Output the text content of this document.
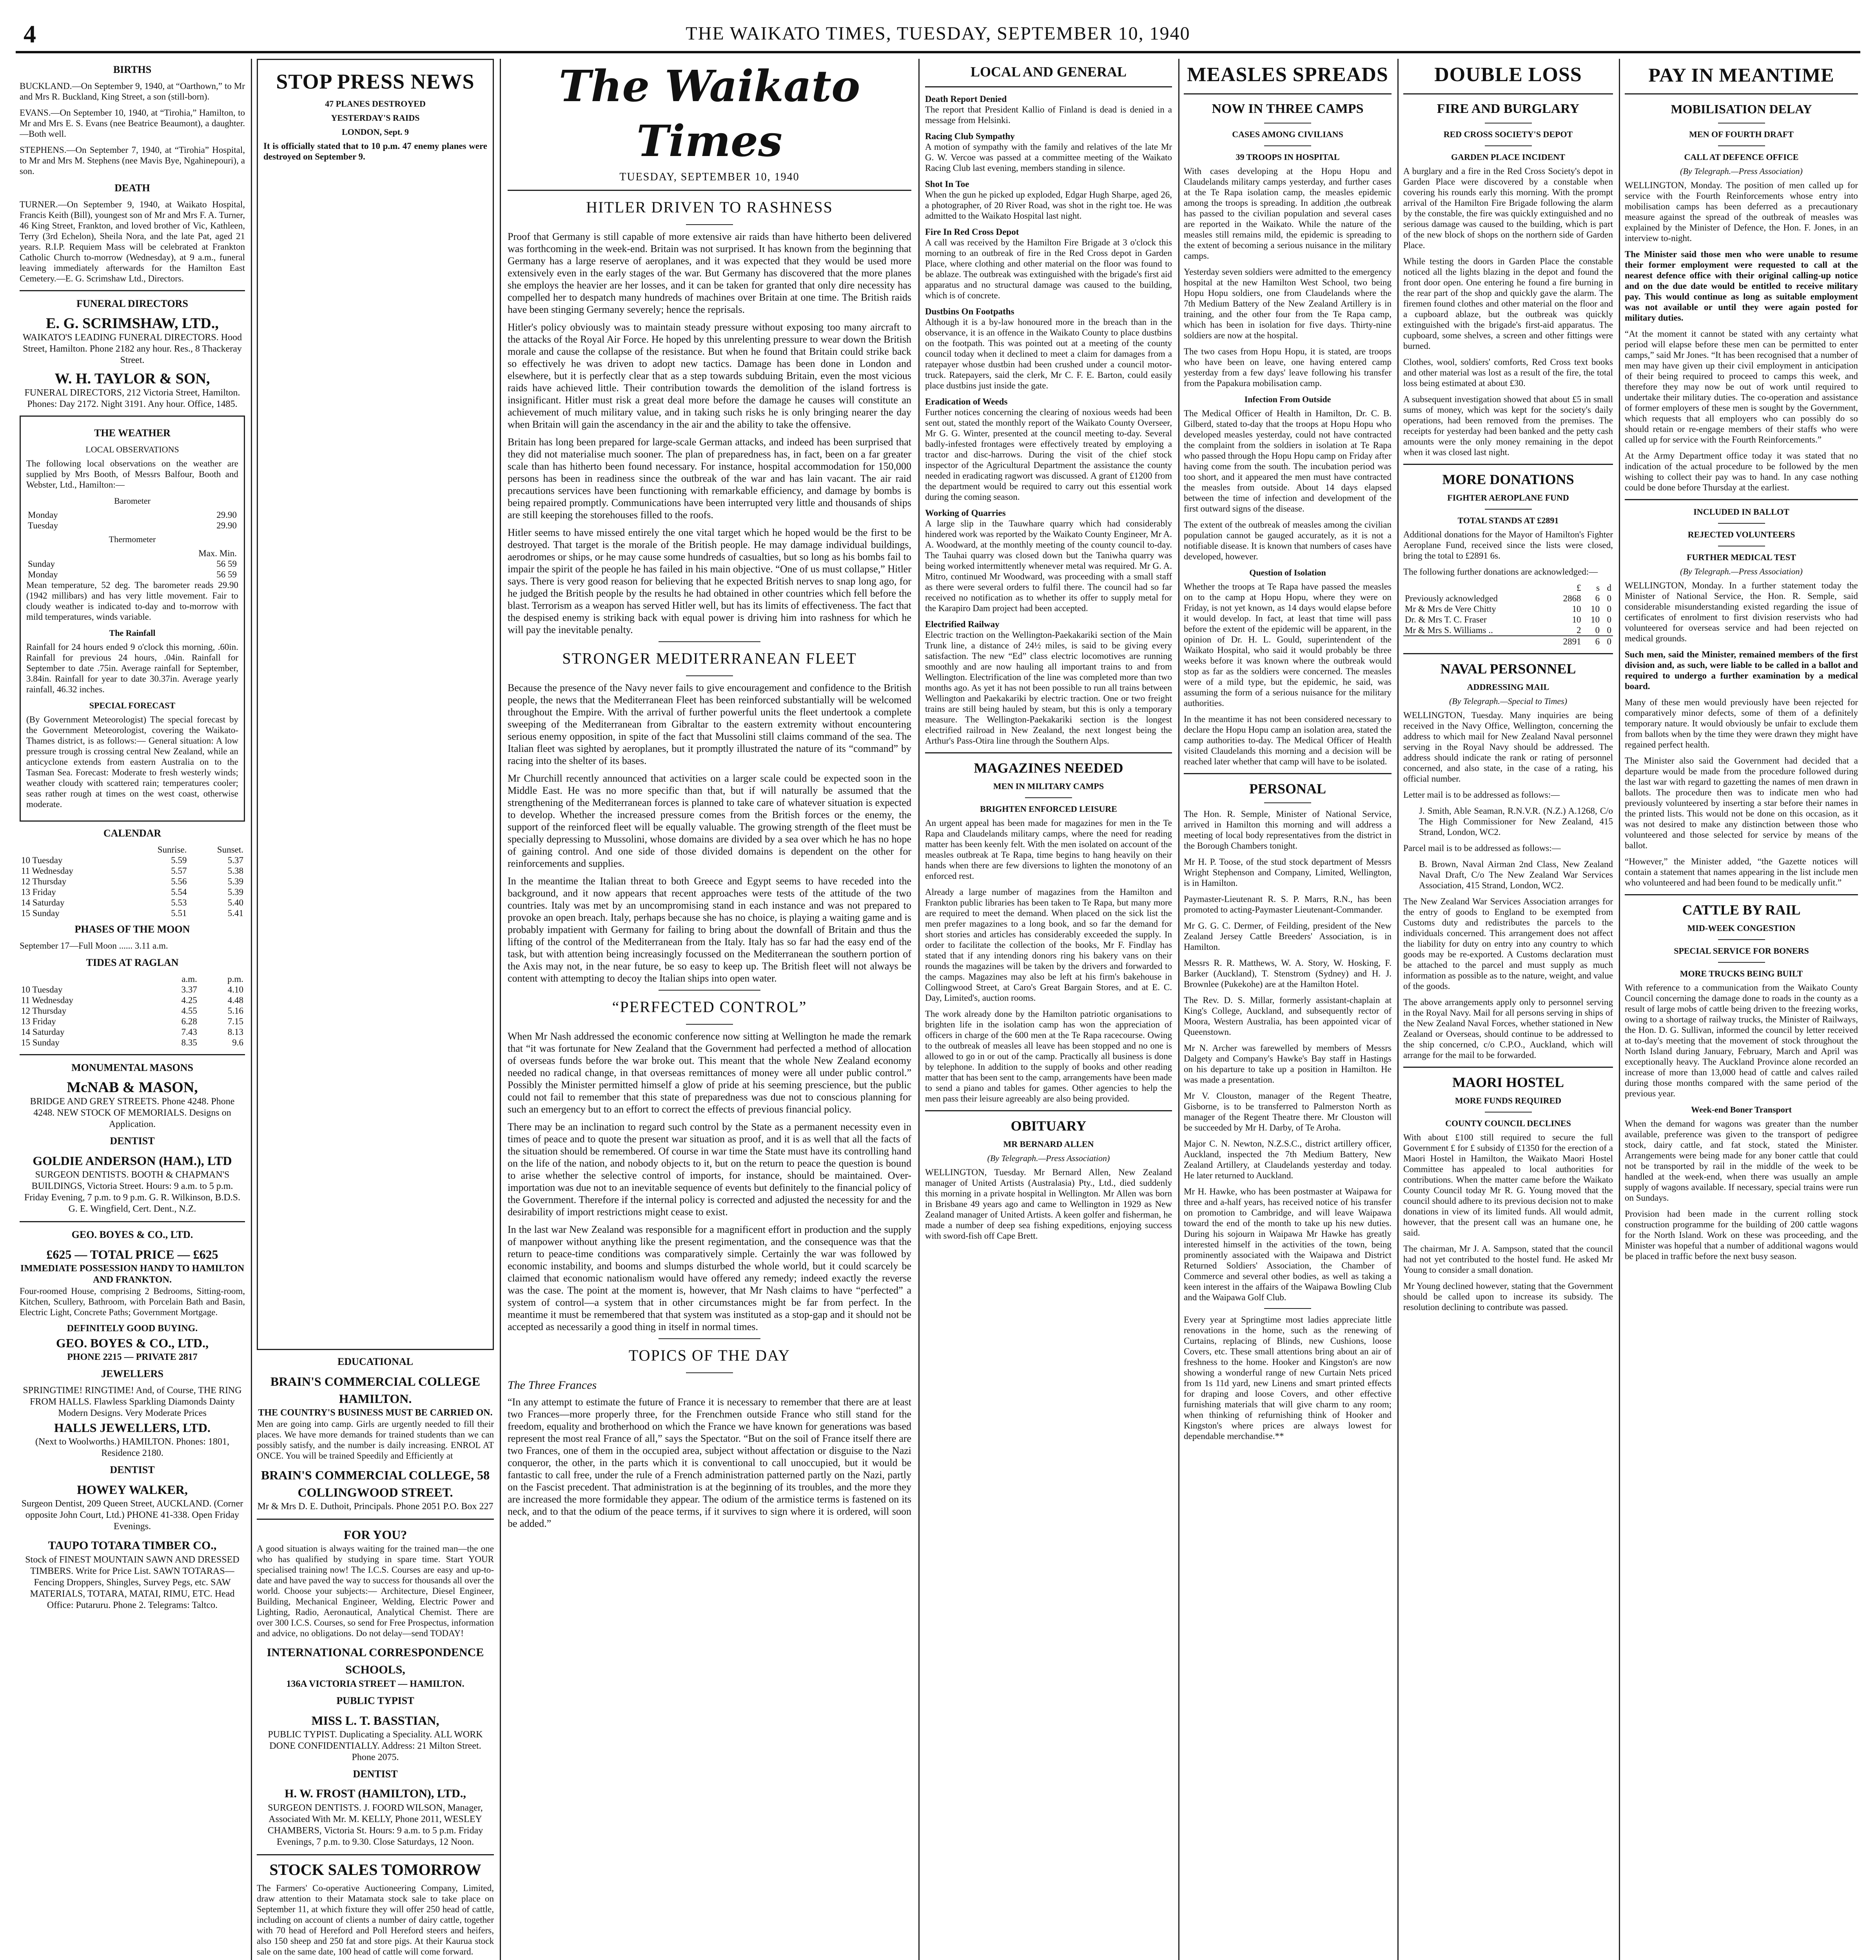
4	THE WAIKATO TIMES, TUESDAY, SEPTEMBER 10, 1940
BIRTHS

BUCKLAND.—On September 9, 1940, at “Oarthown,” to Mr and Mrs R. Buckland, King Street, a son (still-born).

EVANS.—On September 10, 1940, at “Tirohia,” Hamilton, to Mr and Mrs E. S. Evans (nee Beatrice Beaumont), a daughter.—Both well.

STEPHENS.—On September 7, 1940, at “Tirohia” Hospital, to Mr and Mrs M. Stephens (nee Mavis Bye, Ngahinepouri), a son.

DEATH

TURNER.—On September 9, 1940, at Waikato Hospital, Francis Keith (Bill), youngest son of Mr and Mrs F. A. Turner, 46 King Street, Frankton, and loved brother of Vic, Kathleen, Terry (3rd Echelon), Sheila Nora, and the late Pat, aged 21 years. R.I.P. Requiem Mass will be celebrated at Frankton Catholic Church to-morrow (Wednesday), at 9 a.m., funeral leaving immediately afterwards for the Hamilton East Cemetery.—E. G. Scrimshaw Ltd., Directors.

FUNERAL DIRECTORS
E. G. SCRIMSHAW, LTD.,
WAIKATO'S LEADING FUNERAL DIRECTORS. Hood Street, Hamilton. Phone 2182 any hour. Res., 8 Thackeray Street.
W. H. TAYLOR & SON,
FUNERAL DIRECTORS, 212 Victoria Street, Hamilton. Phones: Day 2172. Night 3191. Any hour. Office, 1485.
THE WEATHER
LOCAL OBSERVATIONS

The following local observations on the weather are supplied by Mrs Booth, of Messrs Balfour, Booth and Webster, Ltd., Hamilton:—

Barometer
Monday	29.90
Tuesday	29.90
Thermometer
	Max. Min.
Sunday	56 59
Monday	56 59

Mean temperature, 52 deg. The barometer reads 29.90 (1942 millibars) and has very little movement. Fair to cloudy weather is indicated to-day and to-morrow with mild temperatures, winds variable.

The Rainfall

Rainfall for 24 hours ended 9 o'clock this morning, .60in. Rainfall for previous 24 hours, .04in. Rainfall for September to date .75in. Average rainfall for September, 3.84in. Rainfall for year to date 30.37in. Average yearly rainfall, 46.32 inches.

SPECIAL FORECAST

(By Government Meteorologist) The special forecast by the Government Meteorologist, covering the Waikato-Thames district, is as follows:— General situation: A low pressure trough is crossing central New Zealand, while an anticyclone extends from eastern Australia on to the Tasman Sea. Forecast: Moderate to fresh westerly winds; weather cloudy with scattered rain; temperatures cooler; seas rather rough at times on the west coast, otherwise moderate.

CALENDAR
	Sunrise.	Sunset.
10 Tuesday	5.59	5.37
11 Wednesday	5.57	5.38
12 Thursday	5.56	5.39
13 Friday	5.54	5.39
14 Saturday	5.53	5.40
15 Sunday	5.51	5.41
PHASES OF THE MOON

September 17—Full Moon ...... 3.11 a.m.

TIDES AT RAGLAN
	a.m.	p.m.
10 Tuesday	3.37	4.10
11 Wednesday	4.25	4.48
12 Thursday	4.55	5.16
13 Friday	6.28	7.15
14 Saturday	7.43	8.13
15 Sunday	8.35	9.6
MONUMENTAL MASONS
McNAB & MASON,
BRIDGE AND GREY STREETS. Phone 4248. Phone 4248. NEW STOCK OF MEMORIALS. Designs on Application.
DENTIST
GOLDIE ANDERSON (HAM.), LTD
SURGEON DENTISTS. BOOTH & CHAPMAN'S BUILDINGS, Victoria Street. Hours: 9 a.m. to 5 p.m. Friday Evening, 7 p.m. to 9 p.m. G. R. Wilkinson, B.D.S. G. E. Wingfield, Cert. Dent., N.Z.
GEO. BOYES & CO., LTD.
£625 — TOTAL PRICE — £625
IMMEDIATE POSSESSION HANDY TO HAMILTON AND FRANKTON.

Four-roomed House, comprising 2 Bedrooms, Sitting-room, Kitchen, Scullery, Bathroom, with Porcelain Bath and Basin, Electric Light, Concrete Paths; Government Mortgage.

DEFINITELY GOOD BUYING.
GEO. BOYES & CO., LTD.,
PHONE 2215 — PRIVATE 2817
JEWELLERS
SPRINGTIME! RINGTIME! And, of Course, THE RING FROM HALLS. Flawless Sparkling Diamonds Dainty Modern Designs. Very Moderate Prices
HALLS JEWELLERS, LTD.
(Next to Woolworths.) HAMILTON. Phones: 1801, Residence 2180.
DENTIST
HOWEY WALKER,
Surgeon Dentist, 209 Queen Street, AUCKLAND. (Corner opposite John Court, Ltd.) PHONE 41-338. Open Friday Evenings.
TAUPO TOTARA TIMBER CO.,
Stock of FINEST MOUNTAIN SAWN AND DRESSED TIMBERS. Write for Price List. SAWN TOTARAS—Fencing Droppers, Shingles, Survey Pegs, etc. SAW MATERIALS, TOTARA, MATAI, RIMU, ETC. Head Office: Putaruru. Phone 2. Telegrams: Taltco.
STOP PRESS NEWS
47 PLANES DESTROYED
YESTERDAY'S RAIDS
LONDON, Sept. 9

It is officially stated that to 10 p.m. 47 enemy planes were destroyed on September 9.

EDUCATIONAL
BRAIN'S COMMERCIAL COLLEGE HAMILTON.
THE COUNTRY'S BUSINESS MUST BE CARRIED ON.

Men are going into camp. Girls are urgently needed to fill their places. We have more demands for trained students than we can possibly satisfy, and the number is daily increasing. ENROL AT ONCE. You will be trained Speedily and Efficiently at

BRAIN'S COMMERCIAL COLLEGE, 58 COLLINGWOOD STREET.
Mr & Mrs D. E. Duthoit, Principals. Phone 2051 P.O. Box 227
FOR YOU?

A good situation is always waiting for the trained man—the one who has qualified by studying in spare time. Start YOUR specialised training now! The I.C.S. Courses are easy and up-to-date and have paved the way to success for thousands all over the world. Choose your subjects:— Architecture, Diesel Engineer, Building, Mechanical Engineer, Welding, Electric Power and Lighting, Radio, Aeronautical, Analytical Chemist. There are over 300 I.C.S. Courses, so send for Free Prospectus, information and advice, no obligations. Do not delay—send TODAY!

INTERNATIONAL CORRESPONDENCE SCHOOLS,
136A VICTORIA STREET — HAMILTON.
PUBLIC TYPIST
MISS L. T. BASSTIAN,
PUBLIC TYPIST. Duplicating a Speciality. ALL WORK DONE CONFIDENTIALLY. Address: 21 Milton Street. Phone 2075.
DENTIST
H. W. FROST (HAMILTON), LTD.,
SURGEON DENTISTS. J. FOORD WILSON, Manager, Associated With Mr. M. KELLY, Phone 2011, WESLEY CHAMBERS, Victoria St. Hours: 9 a.m. to 5 p.m. Friday Evenings, 7 p.m. to 9.30. Close Saturdays, 12 Noon.
STOCK SALES TOMORROW

The Farmers' Co-operative Auctioneering Company, Limited, draw attention to their Matamata stock sale to take place on September 11, at which fixture they will offer 250 head of cattle, including on account of clients a number of dairy cattle, together with 70 head of Hereford and Poll Hereford steers and heifers, also 150 sheep and 250 fat and store pigs. At their Kaurua stock sale on the same date, 100 head of cattle will come forward.

The Waikato Times
TUESDAY, SEPTEMBER 10, 1940
HITLER DRIVEN TO RASHNESS

Proof that Germany is still capable of more extensive air raids than have hitherto been delivered was forthcoming in the week-end. Britain was not surprised. It has known from the beginning that Germany has a large reserve of aeroplanes, and it was expected that they would be used more extensively even in the early stages of the war. But Germany has discovered that the more planes she employs the heavier are her losses, and it can be taken for granted that only dire necessity has compelled her to despatch many hundreds of machines over Britain at one time. The British raids have been stinging Germany severely; hence the reprisals.

Hitler's policy obviously was to maintain steady pressure without exposing too many aircraft to the attacks of the Royal Air Force. He hoped by this unrelenting pressure to wear down the British morale and cause the collapse of the resistance. But when he found that Britain could strike back so effectively he was driven to adopt new tactics. Damage has been done in London and elsewhere, but it is perfectly clear that as a step towards subduing Britain, even the most vicious raids have achieved little. Their contribution towards the demolition of the island fortress is insignificant. Hitler must risk a great deal more before the damage he causes will constitute an achievement of much military value, and in taking such risks he is only bringing nearer the day when Britain will gain the ascendancy in the air and the ability to take the offensive.

Britain has long been prepared for large-scale German attacks, and indeed has been surprised that they did not materialise much sooner. The plan of preparedness has, in fact, been on a far greater scale than has hitherto been found necessary. For instance, hospital accommodation for 150,000 persons has been in readiness since the outbreak of the war and has lain vacant. The air raid precautions services have been functioning with remarkable efficiency, and damage by bombs is being repaired promptly. Communications have been interrupted very little and thousands of ships are still keeping the storehouses filled to the roofs.

Hitler seems to have missed entirely the one vital target which he hoped would be the first to be destroyed. That target is the morale of the British people. He may damage individual buildings, aerodromes or ships, or he may cause some hundreds of casualties, but so long as his bombs fail to impair the spirit of the people he has failed in his main objective. “One of us must collapse,” Hitler says. There is very good reason for believing that he expected British nerves to snap long ago, for he judged the British people by the results he had obtained in other countries which fell before the blast. Terrorism as a weapon has served Hitler well, but has its limits of effectiveness. The fact that the despised enemy is striking back with equal power is driving him into rashness for which he will pay the inevitable penalty.

STRONGER MEDITERRANEAN FLEET

Because the presence of the Navy never fails to give encouragement and confidence to the British people, the news that the Mediterranean Fleet has been reinforced substantially will be welcomed throughout the Empire. With the arrival of further powerful units the fleet undertook a complete sweeping of the Mediterranean from Gibraltar to the eastern extremity without encountering serious enemy opposition, in spite of the fact that Mussolini still claims command of the sea. The Italian fleet was sighted by aeroplanes, but it promptly illustrated the nature of its “command” by racing into the shelter of its bases.

Mr Churchill recently announced that activities on a larger scale could be expected soon in the Middle East. He was no more specific than that, but if will naturally be assumed that the strengthening of the Mediterranean forces is planned to take care of whatever situation is expected to develop. Whether the increased pressure comes from the British forces or the enemy, the support of the reinforced fleet will be equally valuable. The growing strength of the fleet must be specially depressing to Mussolini, whose domains are divided by a sea over which he has no hope of gaining control. And one side of those divided domains is dependent on the other for reinforcements and supplies.

In the meantime the Italian threat to both Greece and Egypt seems to have receded into the background, and it now appears that recent approaches were tests of the attitude of the two countries. Italy was met by an uncompromising stand in each instance and was not prepared to provoke an open breach. Italy, perhaps because she has no choice, is playing a waiting game and is probably impatient with Germany for failing to bring about the downfall of Britain and thus the lifting of the control of the Mediterranean from the Italy. Italy has so far had the easy end of the task, but with attention being increasingly focussed on the Mediterranean the southern portion of the Axis may not, in the near future, be so easy to keep up. The British fleet will not always be content with attempting to decoy the Italian ships into open water.

“PERFECTED CONTROL”

When Mr Nash addressed the economic conference now sitting at Wellington he made the remark that “it was fortunate for New Zealand that the Government had perfected a method of allocation of overseas funds before the war broke out. This meant that the whole New Zealand economy needed no radical change, in that overseas remittances of money were all under public control.” Possibly the Minister permitted himself a glow of pride at his seeming prescience, but the public could not fail to remember that this state of preparedness was due not to conscious planning for such an emergency but to an effort to correct the effects of previous financial policy.

There may be an inclination to regard such control by the State as a permanent necessity even in times of peace and to quote the present war situation as proof, and it is as well that all the facts of the situation should be remembered. Of course in war time the State must have its controlling hand on the life of the nation, and nobody objects to it, but on the return to peace the question is bound to arise whether the selective control of imports, for instance, should be maintained. Over-importation was due not to an inevitable sequence of events but definitely to the financial policy of the Government. Therefore if the internal policy is corrected and adjusted the necessity for and the desirability of import restrictions might cease to exist.

In the last war New Zealand was responsible for a magnificent effort in production and the supply of manpower without anything like the present regimentation, and the consequence was that the return to peace-time conditions was comparatively simple. Certainly the war was followed by economic instability, and booms and slumps disturbed the whole world, but it could scarcely be claimed that economic nationalism would have offered any remedy; indeed exactly the reverse was the case. The point at the moment is, however, that Mr Nash claims to have “perfected” a system of control—a system that in other circumstances might be far from perfect. In the meantime it must be remembered that that system was instituted as a stop-gap and it should not be accepted as necessarily a good thing in itself in normal times.

TOPICS OF THE DAY
The Three Frances

“In any attempt to estimate the future of France it is necessary to remember that there are at least two Frances—more properly three, for the Frenchmen outside France who still stand for the freedom, equality and brotherhood on which the France we have known for generations was based represent the most real France of all,” says the Spectator. “But on the soil of France itself there are two Frances, one of them in the occupied area, subject without affectation or disguise to the Nazi conqueror, the other, in the parts which it is conventional to call unoccupied, but it would be fantastic to call free, under the rule of a French administration patterned partly on the Nazi, partly on the Fascist precedent. That administration is at the beginning of its troubles, and the more they are increased the more formidable they appear. The odium of the armistice terms is fastened on its neck, and to that the odium of the peace terms, if it survives to sign where it is ordered, will soon be added.”

LOCAL AND GENERAL

Death Report Denied
The report that President Kallio of Finland is dead is denied in a message from Helsinki.

Racing Club Sympathy
A motion of sympathy with the family and relatives of the late Mr G. W. Vercoe was passed at a committee meeting of the Waikato Racing Club last evening, members standing in silence.

Shot In Toe
When the gun he picked up exploded, Edgar Hugh Sharpe, aged 26, a photographer, of 20 River Road, was shot in the right toe. He was admitted to the Waikato Hospital last night.

Fire In Red Cross Depot
A call was received by the Hamilton Fire Brigade at 3 o'clock this morning to an outbreak of fire in the Red Cross depot in Garden Place, where clothing and other material on the floor was found to be ablaze. The outbreak was extinguished with the brigade's first aid apparatus and no structural damage was caused to the building, which is of concrete.

Dustbins On Footpaths
Although it is a by-law honoured more in the breach than in the observance, it is an offence in the Waikato County to place dustbins on the footpath. This was pointed out at a meeting of the county council today when it declined to meet a claim for damages from a ratepayer whose dustbin had been crushed under a council motor-truck. Ratepayers, said the clerk, Mr C. F. E. Barton, could easily place dustbins just inside the gate.

Eradication of Weeds
Further notices concerning the clearing of noxious weeds had been sent out, stated the monthly report of the Waikato County Overseer, Mr G. G. Winter, presented at the council meeting to-day. Several badly-infested frontages were effectively treated by employing a tractor and disc-harrows. During the visit of the chief stock inspector of the Agricultural Department the assistance the county needed in eradicating ragwort was discussed. A grant of £1200 from the department would be required to carry out this essential work during the coming season.

Working of Quarries
A large slip in the Tauwhare quarry which had considerably hindered work was reported by the Waikato County Engineer, Mr A. A. Woodward, at the monthly meeting of the county council to-day. The Tauhai quarry was closed down but the Taniwha quarry was being worked intermittently whenever metal was required. Mr G. A. Mitro, continued Mr Woodward, was proceeding with a small staff as there were several orders to fulfil there. The council had so far received no notification as to whether its offer to supply metal for the Karapiro Dam project had been accepted.

Electrified Railway
Electric traction on the Wellington-Paekakariki section of the Main Trunk line, a distance of 24½ miles, is said to be giving every satisfaction. The new “Ed” class electric locomotives are running smoothly and are now hauling all important trains to and from Wellington. Electrification of the line was completed more than two months ago. As yet it has not been possible to run all trains between Wellington and Paekakariki by electric traction. One or two freight trains are still being hauled by steam, but this is only a temporary measure. The Wellington-Paekakariki section is the longest electrified railroad in New Zealand, the next longest being the Arthur's Pass-Otira line through the Southern Alps.

MAGAZINES NEEDED
MEN IN MILITARY CAMPS
BRIGHTEN ENFORCED LEISURE

An urgent appeal has been made for magazines for men in the Te Rapa and Claudelands military camps, where the need for reading matter has been keenly felt. With the men isolated on account of the measles outbreak at Te Rapa, time begins to hang heavily on their hands when there are few diversions to lighten the monotony of an enforced rest.

Already a large number of magazines from the Hamilton and Frankton public libraries has been taken to Te Rapa, but many more are required to meet the demand. When placed on the sick list the men prefer magazines to a long book, and so far the demand for short stories and articles has considerably exceeded the supply. In order to facilitate the collection of the books, Mr F. Findlay has stated that if any intending donors ring his bakery vans on their rounds the magazines will be taken by the drivers and forwarded to the camps. Magazines may also be left at his firm's bakehouse in Collingwood Street, at Caro's Great Bargain Stores, and at E. C. Day, Limited's, auction rooms.

The work already done by the Hamilton patriotic organisations to brighten life in the isolation camp has won the appreciation of officers in charge of the 600 men at the Te Rapa racecourse. Owing to the outbreak of measles all leave has been stopped and no one is allowed to go in or out of the camp. Practically all business is done by telephone. In addition to the supply of books and other reading matter that has been sent to the camp, arrangements have been made to send a piano and tables for games. Other agencies to help the men pass their leisure agreeably are also being provided.

OBITUARY
MR BERNARD ALLEN
(By Telegraph.—Press Association)

WELLINGTON, Tuesday. Mr Bernard Allen, New Zealand manager of United Artists (Australasia) Pty., Ltd., died suddenly this morning in a private hospital in Wellington. Mr Allen was born in Brisbane 49 years ago and came to Wellington in 1929 as New Zealand manager of United Artists. A keen golfer and fisherman, he made a number of deep sea fishing expeditions, enjoying success with sword-fish off Cape Brett.

MEASLES SPREADS
NOW IN THREE CAMPS
CASES AMONG CIVILIANS
39 TROOPS IN HOSPITAL

With cases developing at the Hopu Hopu and Claudelands military camps yesterday, and further cases at the Te Rapa isolation camp, the measles epidemic among the troops is spreading. In addition ,the outbreak has passed to the civilian population and several cases are reported in the Waikato. While the nature of the measles still remains mild, the epidemic is spreading to the extent of becoming a serious nuisance in the military camps.

Yesterday seven soldiers were admitted to the emergency hospital at the new Hamilton West School, two being Hopu Hopu soldiers, one from Claudelands where the 7th Medium Battery of the New Zealand Artillery is in training, and the other four from the Te Rapa camp, which has been in isolation for five days. Thirty-nine soldiers are now at the hospital.

The two cases from Hopu Hopu, it is stated, are troops who have been on leave, one having entered camp yesterday from a few days' leave following his transfer from the Papakura mobilisation camp.

Infection From Outside

The Medical Officer of Health in Hamilton, Dr. C. B. Gilberd, stated to-day that the troops at Hopu Hopu who developed measles yesterday, could not have contracted the complaint from the soldiers in isolation at Te Rapa who passed through the Hopu Hopu camp on Friday after having come from the south. The incubation period was too short, and it appeared the men must have contracted the measles from outside. About 14 days elapsed between the time of infection and development of the first outward signs of the disease.

The extent of the outbreak of measles among the civilian population cannot be gauged accurately, as it is not a notifiable disease. It is known that numbers of cases have developed, however.

Question of Isolation

Whether the troops at Te Rapa have passed the measles on to the camp at Hopu Hopu, where they were on Friday, is not yet known, as 14 days would elapse before it would develop. In fact, at least that time will pass before the extent of the epidemic will be apparent, in the opinion of Dr. H. L. Gould, superintendent of the Waikato Hospital, who said it would probably be three weeks before it was known where the outbreak would stop as far as the soldiers were concerned. The measles were of a mild type, but the epidemic, he said, was assuming the form of a serious nuisance for the military authorities.

In the meantime it has not been considered necessary to declare the Hopu Hopu camp an isolation area, stated the camp authorities to-day. The Medical Officer of Health visited Claudelands this morning and a decision will be reached later whether that camp will have to be isolated.

PERSONAL

The Hon. R. Semple, Minister of National Service, arrived in Hamilton this morning and will address a meeting of local body representatives from the district in the Borough Chambers tonight.

Mr H. P. Toose, of the stud stock department of Messrs Wright Stephenson and Company, Limited, Wellington, is in Hamilton.

Paymaster-Lieutenant R. S. P. Marrs, R.N., has been promoted to acting-Paymaster Lieutenant-Commander.

Mr G. G. C. Dermer, of Feilding, president of the New Zealand Jersey Cattle Breeders' Association, is in Hamilton.

Messrs R. R. Matthews, W. A. Story, W. Hosking, F. Barker (Auckland), T. Stenstrom (Sydney) and H. J. Brownlee (Pukekohe) are at the Hamilton Hotel.

The Rev. D. S. Millar, formerly assistant-chaplain at King's College, Auckland, and subsequently rector of Moora, Western Australia, has been appointed vicar of Queenstown.

Mr N. Archer was farewelled by members of Messrs Dalgety and Company's Hawke's Bay staff in Hastings on his departure to take up a position in Hamilton. He was made a presentation.

Mr V. Clouston, manager of the Regent Theatre, Gisborne, is to be transferred to Palmerston North as manager of the Regent Theatre there. Mr Clouston will be succeeded by Mr H. Darby, of Te Aroha.

Major C. N. Newton, N.Z.S.C., district artillery officer, Auckland, inspected the 7th Medium Battery, New Zealand Artillery, at Claudelands yesterday and today. He later returned to Auckland.

Mr H. Hawke, who has been postmaster at Waipawa for three and a-half years, has received notice of his transfer on promotion to Cambridge, and will leave Waipawa toward the end of the month to take up his new duties. During his sojourn in Waipawa Mr Hawke has greatly interested himself in the activities of the town, being prominently associated with the Waipawa and District Returned Soldiers' Association, the Chamber of Commerce and several other bodies, as well as taking a keen interest in the affairs of the Waipawa Bowling Club and the Waipawa Golf Club.

Every year at Springtime most ladies appreciate little renovations in the home, such as the renewing of Curtains, replacing of Blinds, new Cushions, loose Covers, etc. These small attentions bring about an air of freshness to the home. Hooker and Kingston's are now showing a wonderful range of new Curtain Nets priced from 1s 11d yard, new Linens and smart printed effects for draping and loose Covers, and other effective furnishing materials that will give charm to any room; when thinking of refurnishing think of Hooker and Kingston's where prices are always lowest for dependable merchandise.**

DOUBLE LOSS
FIRE AND BURGLARY
RED CROSS SOCIETY'S DEPOT
GARDEN PLACE INCIDENT

A burglary and a fire in the Red Cross Society's depot in Garden Place were discovered by a constable when covering his rounds early this morning. With the prompt arrival of the Hamilton Fire Brigade following the alarm by the constable, the fire was quickly extinguished and no serious damage was caused to the building, which is part of the new block of shops on the northern side of Garden Place.

While testing the doors in Garden Place the constable noticed all the lights blazing in the depot and found the front door open. One entering he found a fire burning in the rear part of the shop and quickly gave the alarm. The firemen found clothes and other material on the floor and a cupboard ablaze, but the outbreak was quickly extinguished with the brigade's first-aid apparatus. The cupboard, some shelves, a screen and other fittings were burned.

Clothes, wool, soldiers' comforts, Red Cross text books and other material was lost as a result of the fire, the total loss being estimated at about £30.

A subsequent investigation showed that about £5 in small sums of money, which was kept for the society's daily operations, had been removed from the premises. The receipts for yesterday had been banked and the petty cash amounts were the only money remaining in the depot when it was closed last night.

MORE DONATIONS
FIGHTER AEROPLANE FUND
TOTAL STANDS AT £2891

Additional donations for the Mayor of Hamilton's Fighter Aeroplane Fund, received since the lists were closed, bring the total to £2891 6s.

The following further donations are acknowledged:—

	£	s	d
Previously acknowledged	2868	6	0
Mr & Mrs de Vere Chitty	10	10	0
Dr. & Mrs T. C. Fraser	10	10	0
Mr & Mrs S. Williams ..	2	0	0
	2891	6	0
NAVAL PERSONNEL
ADDRESSING MAIL
(By Telegraph.—Special to Times)

WELLINGTON, Tuesday. Many inquiries are being received in the Navy Office, Wellington, concerning the address to which mail for New Zealand Naval personnel serving in the Royal Navy should be addressed. The address should indicate the rank or rating of personnel concerned, and also state, in the case of a rating, his official number.

Letter mail is to be addressed as follows:—

J. Smith, Able Seaman, R.N.V.R. (N.Z.) A.1268, C/o The High Commissioner for New Zealand, 415 Strand, London, WC2.

Parcel mail is to be addressed as follows:—

B. Brown, Naval Airman 2nd Class, New Zealand Naval Draft, C/o The New Zealand War Services Association, 415 Strand, London, WC2.

The New Zealand War Services Association arranges for the entry of goods to England to be exempted from Customs duty and redistributes the parcels to the individuals concerned. This arrangement does not affect the liability for duty on entry into any country to which goods may be re-exported. A Customs declaration must be attached to the parcel and must supply as much information as possible as to the nature, weight, and value of the goods.

The above arrangements apply only to personnel serving in the Royal Navy. Mail for all persons serving in ships of the New Zealand Naval Forces, whether stationed in New Zealand or Overseas, should continue to be addressed to the ship concerned, c/o C.P.O., Auckland, which will arrange for the mail to be forwarded.

MAORI HOSTEL
MORE FUNDS REQUIRED
COUNTY COUNCIL DECLINES

With about £100 still required to secure the full Government £ for £ subsidy of £1350 for the erection of a Maori Hostel in Hamilton, the Waikato Maori Hostel Committee has appealed to local authorities for contributions. When the matter came before the Waikato County Council today Mr R. G. Young moved that the council should adhere to its previous decision not to make donations in view of its limited funds. All would admit, however, that the present call was an humane one, he said.

The chairman, Mr J. A. Sampson, stated that the council had not yet contributed to the hostel fund. He asked Mr Young to consider a small donation.

Mr Young declined however, stating that the Government should be called upon to increase its subsidy. The resolution declining to contribute was passed.

PAY IN MEANTIME
MOBILISATION DELAY
MEN OF FOURTH DRAFT
CALL AT DEFENCE OFFICE
(By Telegraph.—Press Association)

WELLINGTON, Monday. The position of men called up for service with the Fourth Reinforcements whose entry into mobilisation camps has been deferred as a precautionary measure against the spread of the outbreak of measles was explained by the Minister of Defence, the Hon. F. Jones, in an interview to-night.

The Minister said those men who were unable to resume their former employment were requested to call at the nearest defence office with their original calling-up notice and on the due date would be entitled to receive military pay. This would continue as long as suitable employment was not available or until they were again posted for military duties.

“At the moment it cannot be stated with any certainty what period will elapse before these men can be permitted to enter camps,” said Mr Jones. “It has been recognised that a number of men may have given up their civil employment in anticipation of their being required to proceed to camps this week, and therefore they may now be out of work until required to undertake their military duties. The co-operation and assistance of former employers of these men is sought by the Government, which requests that all employers who can possibly do so should retain or re-engage members of their staffs who were called up for service with the Fourth Reinforcements.”

At the Army Department office today it was stated that no indication of the actual procedure to be followed by the men wishing to collect their pay was to hand. In any case nothing could be done before Thursday at the earliest.

INCLUDED IN BALLOT
REJECTED VOLUNTEERS
FURTHER MEDICAL TEST
(By Telegraph.—Press Association)

WELLINGTON, Monday. In a further statement today the Minister of National Service, the Hon. R. Semple, said considerable misunderstanding existed regarding the issue of certificates of enrolment to first division reservists who had volunteered for overseas service and had been rejected on medical grounds.

Such men, said the Minister, remained members of the first division and, as such, were liable to be called in a ballot and required to undergo a further examination by a medical board.

Many of these men would previously have been rejected for comparatively minor defects, some of them of a definitely temporary nature. It would obviously be unfair to exclude them from ballots when by the time they were drawn they might have regained perfect health.

The Minister also said the Government had decided that a departure would be made from the procedure followed during the last war with regard to gazetting the names of men drawn in ballots. The procedure then was to indicate men who had previously volunteered by inserting a star before their names in the printed lists. This would not be done on this occasion, as it was not desired to make any distinction between those who volunteered and those selected for service by means of the ballot.

“However,” the Minister added, “the Gazette notices will contain a statement that names appearing in the list include men who volunteered and had been found to be medically unfit.”

CATTLE BY RAIL
MID-WEEK CONGESTION
SPECIAL SERVICE FOR BONERS
MORE TRUCKS BEING BUILT

With reference to a communication from the Waikato County Council concerning the damage done to roads in the county as a result of large mobs of cattle being driven to the freezing works, owing to a shortage of railway trucks, the Minister of Railways, the Hon. D. G. Sullivan, informed the council by letter received at to-day's meeting that the movement of stock throughout the North Island during January, February, March and April was exceptionally heavy. The Auckland Province alone recorded an increase of more than 13,000 head of cattle and calves railed during those months compared with the same period of the previous year.

Week-end Boner Transport

When the demand for wagons was greater than the number available, preference was given to the transport of pedigree stock, dairy cattle, and fat stock, stated the Minister. Arrangements were being made for any boner cattle that could not be transported by rail in the middle of the week to be handled at the week-end, when there was usually an ample supply of wagons available. If necessary, special trains were run on Sundays.

Provision had been made in the current rolling stock construction programme for the building of 200 cattle wagons for the North Island. Work on these was proceeding, and the Minister was hopeful that a number of additional wagons would be placed in traffic before the next busy season.
